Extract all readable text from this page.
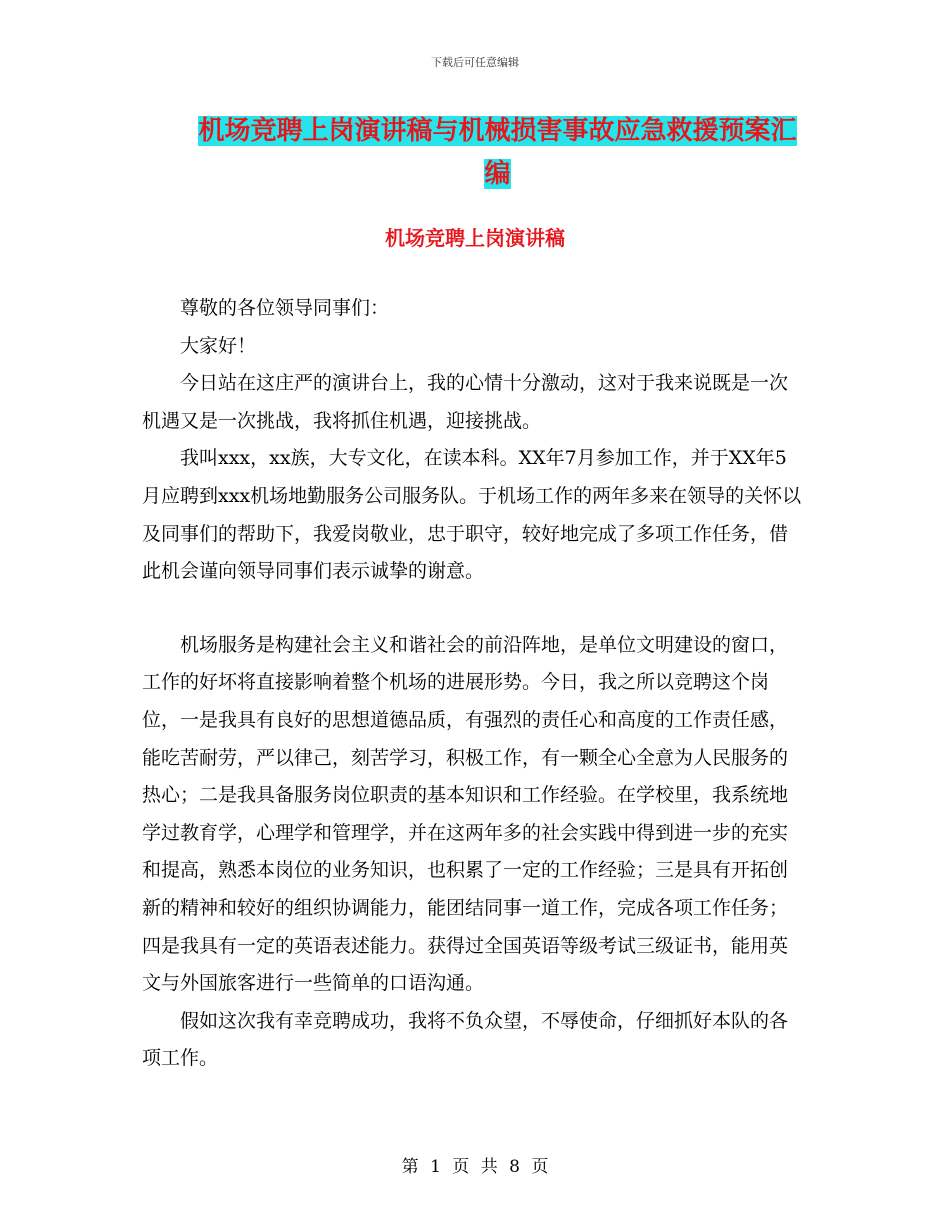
下载后可任意编辑
机场竞聘上岗演讲稿与机械损害事故应急救援预案汇编
机场竞聘上岗演讲稿

尊敬的各位领导同事们：

大家好！

今日站在这庄严的演讲台上，我的心情十分激动，这对于我来说既是一次机遇又是一次挑战，我将抓住机遇，迎接挑战。

我叫xxx，xx族，大专文化，在读本科。XX年7月参加工作，并于XX年5月应聘到xxx机场地勤服务公司服务队。于机场工作的两年多来在领导的关怀以及同事们的帮助下，我爱岗敬业，忠于职守，较好地完成了多项工作任务，借此机会谨向领导同事们表示诚挚的谢意。

机场服务是构建社会主义和谐社会的前沿阵地，是单位文明建设的窗口，工作的好坏将直接影响着整个机场的进展形势。今日，我之所以竞聘这个岗位，一是我具有良好的思想道德品质，有强烈的责任心和高度的工作责任感，能吃苦耐劳，严以律己，刻苦学习，积极工作，有一颗全心全意为人民服务的热心；二是我具备服务岗位职责的基本知识和工作经验。在学校里，我系统地学过教育学，心理学和管理学，并在这两年多的社会实践中得到进一步的充实和提高，熟悉本岗位的业务知识，也积累了一定的工作经验；三是具有开拓创新的精神和较好的组织协调能力，能团结同事一道工作，完成各项工作任务；四是我具有一定的英语表述能力。获得过全国英语等级考试三级证书，能用英文与外国旅客进行一些简单的口语沟通。

假如这次我有幸竞聘成功，我将不负众望，不辱使命，仔细抓好本队的各项工作。

第 1 页 共 8 页
